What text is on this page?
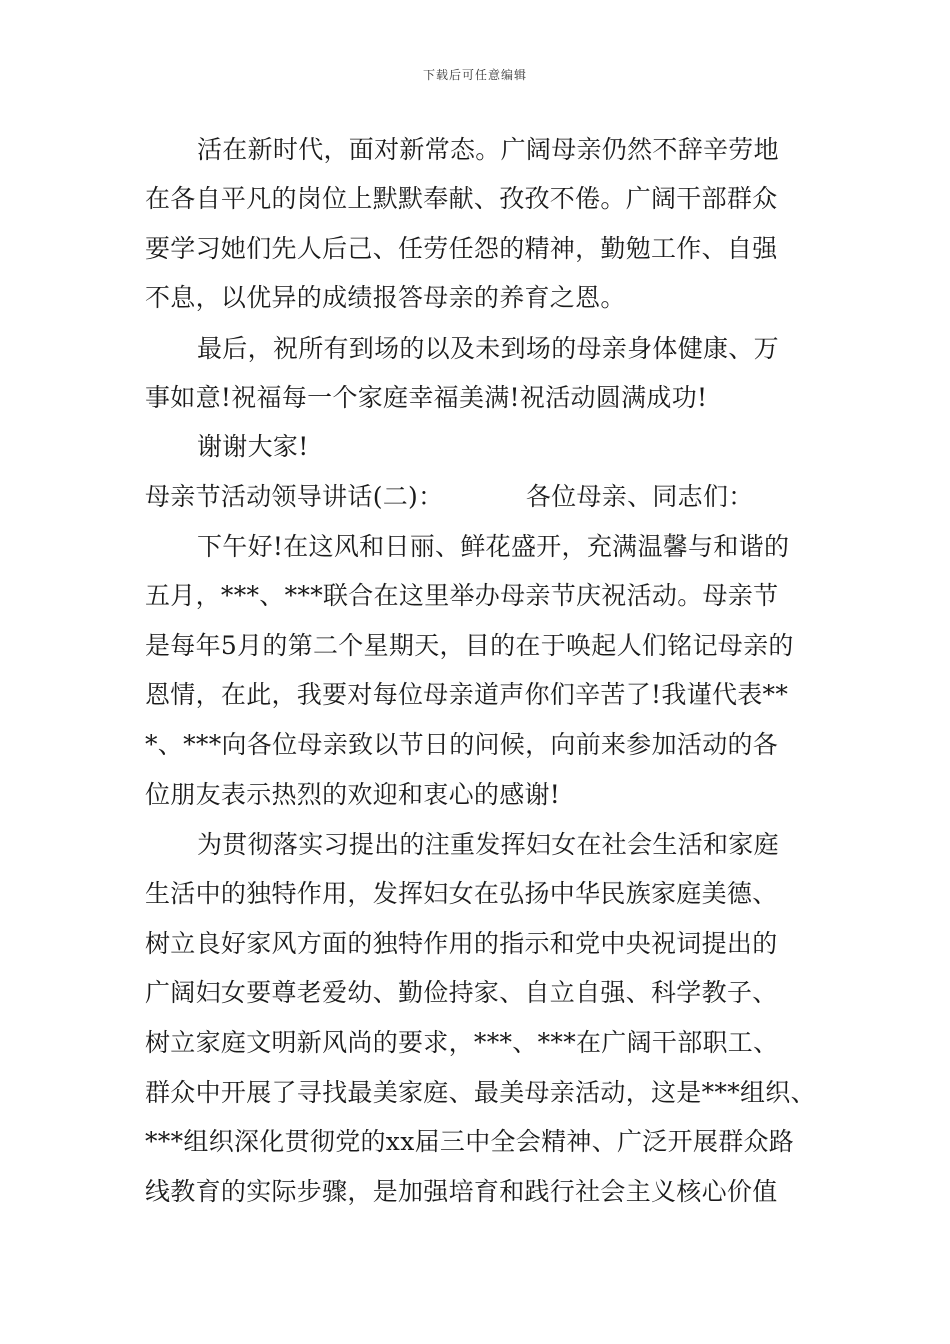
下载后可任意编辑
活在新时代，面对新常态。广阔母亲仍然不辞辛劳地
在各自平凡的岗位上默默奉献、孜孜不倦。广阔干部群众
要学习她们先人后己、任劳任怨的精神，勤勉工作、自强
不息，以优异的成绩报答母亲的养育之恩。
最后，祝所有到场的以及未到场的母亲身体健康、万
事如意!祝福每一个家庭幸福美满!祝活动圆满成功!
谢谢大家!
母亲节活动领导讲话(二)：          各位母亲、同志们：
下午好!在这风和日丽、鲜花盛开，充满温馨与和谐的
五月，***、***联合在这里举办母亲节庆祝活动。母亲节
是每年5月的第二个星期天，目的在于唤起人们铭记母亲的
恩情，在此，我要对每位母亲道声你们辛苦了!我谨代表**
*、***向各位母亲致以节日的问候，向前来参加活动的各
位朋友表示热烈的欢迎和衷心的感谢!
为贯彻落实习提出的注重发挥妇女在社会生活和家庭
生活中的独特作用，发挥妇女在弘扬中华民族家庭美德、
树立良好家风方面的独特作用的指示和党中央祝词提出的
广阔妇女要尊老爱幼、勤俭持家、自立自强、科学教子、
树立家庭文明新风尚的要求，***、***在广阔干部职工、
群众中开展了寻找最美家庭、最美母亲活动，这是***组织、
***组织深化贯彻党的xx届三中全会精神、广泛开展群众路
线教育的实际步骤，是加强培育和践行社会主义核心价值
